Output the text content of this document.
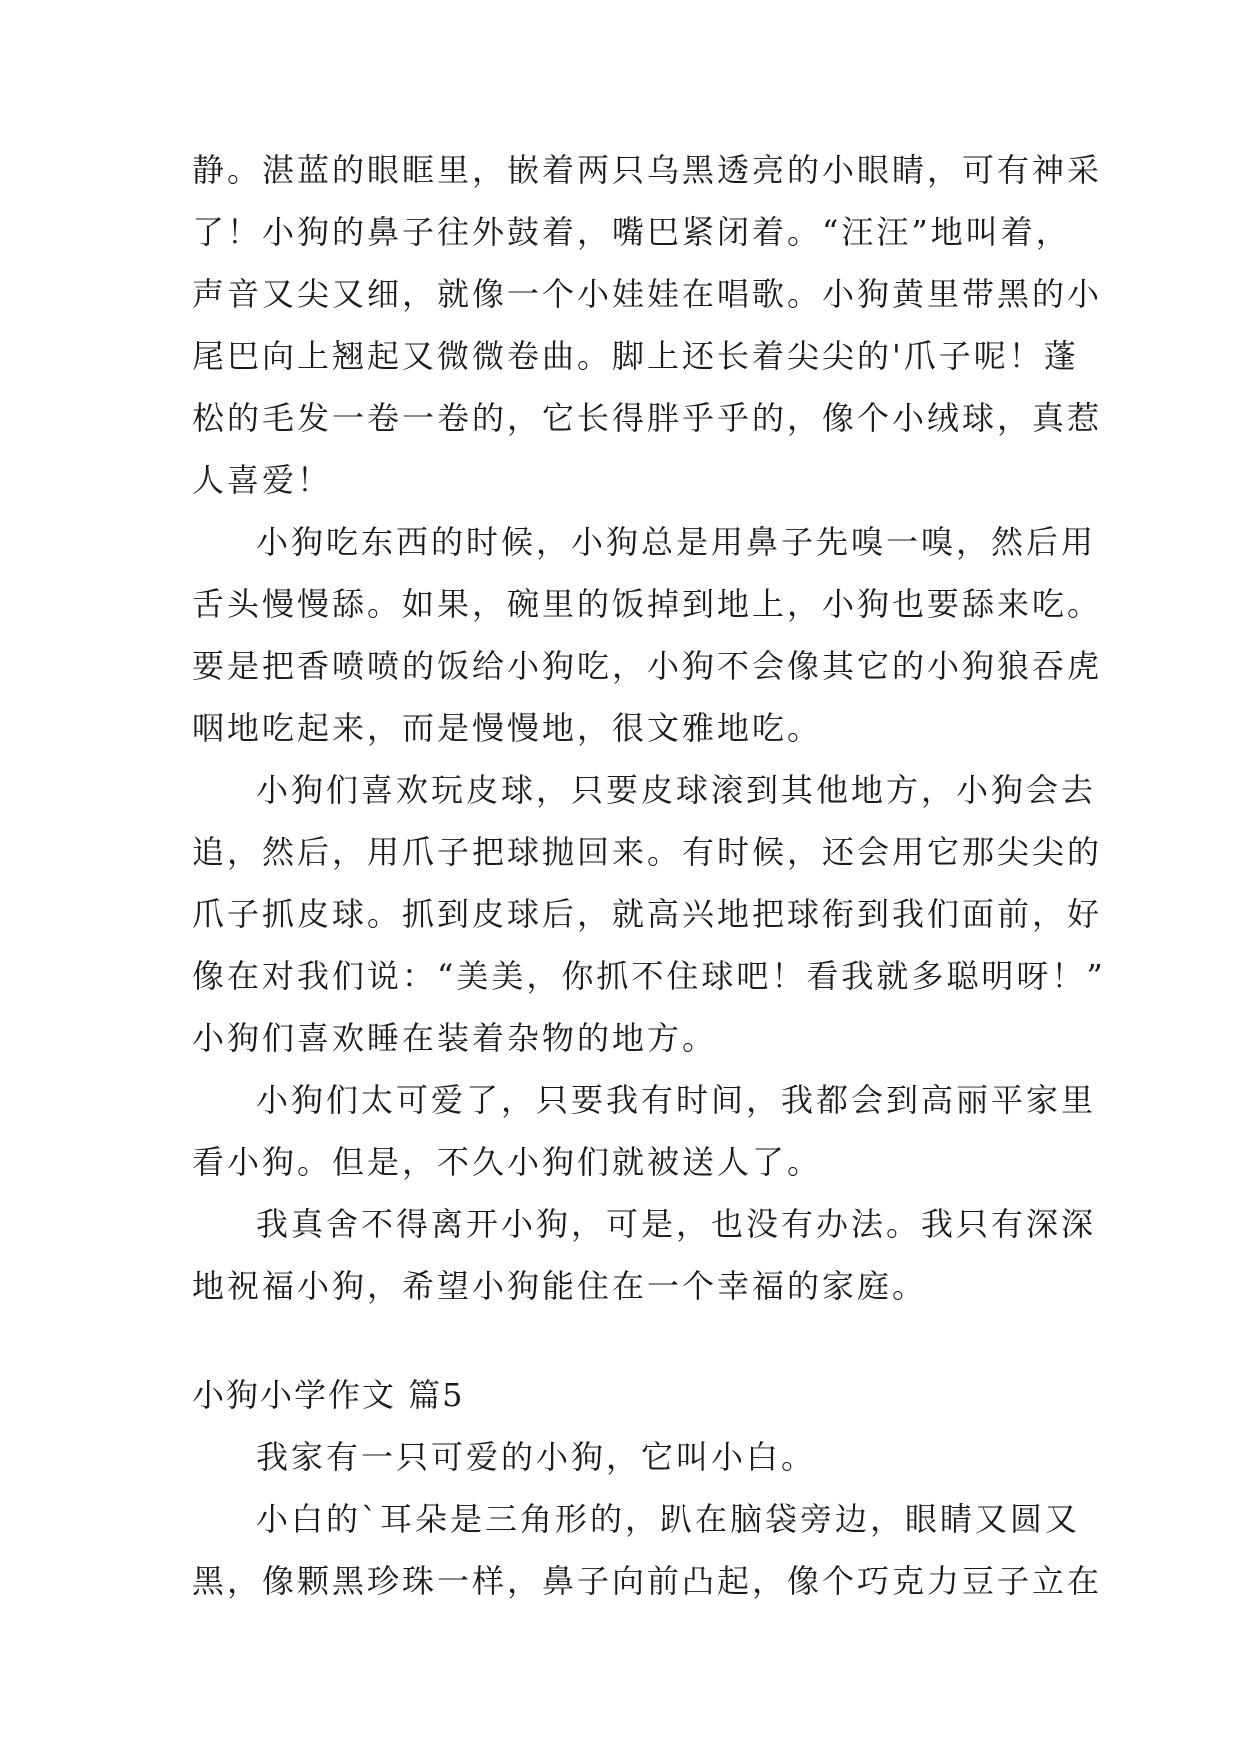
静。湛蓝的眼眶里，嵌着两只乌黑透亮的小眼睛，可有神采
了！小狗的鼻子往外鼓着，嘴巴紧闭着。“汪汪”地叫着，
声音又尖又细，就像一个小娃娃在唱歌。小狗黄里带黑的小
尾巴向上翘起又微微卷曲。脚上还长着尖尖的'爪子呢！蓬
松的毛发一卷一卷的，它长得胖乎乎的，像个小绒球，真惹
人喜爱！
小狗吃东西的时候，小狗总是用鼻子先嗅一嗅，然后用
舌头慢慢舔。如果，碗里的饭掉到地上，小狗也要舔来吃。
要是把香喷喷的饭给小狗吃，小狗不会像其它的小狗狼吞虎
咽地吃起来，而是慢慢地，很文雅地吃。
小狗们喜欢玩皮球，只要皮球滚到其他地方，小狗会去
追，然后，用爪子把球抛回来。有时候，还会用它那尖尖的
爪子抓皮球。抓到皮球后，就高兴地把球衔到我们面前，好
像在对我们说：“美美，你抓不住球吧！看我就多聪明呀！”
小狗们喜欢睡在装着杂物的地方。
小狗们太可爱了，只要我有时间，我都会到高丽平家里
看小狗。但是，不久小狗们就被送人了。
我真舍不得离开小狗，可是，也没有办法。我只有深深
地祝福小狗，希望小狗能住在一个幸福的家庭。
小狗小学作文 篇5
我家有一只可爱的小狗，它叫小白。
小白的`耳朵是三角形的，趴在脑袋旁边，眼睛又圆又
黑，像颗黑珍珠一样，鼻子向前凸起，像个巧克力豆子立在
